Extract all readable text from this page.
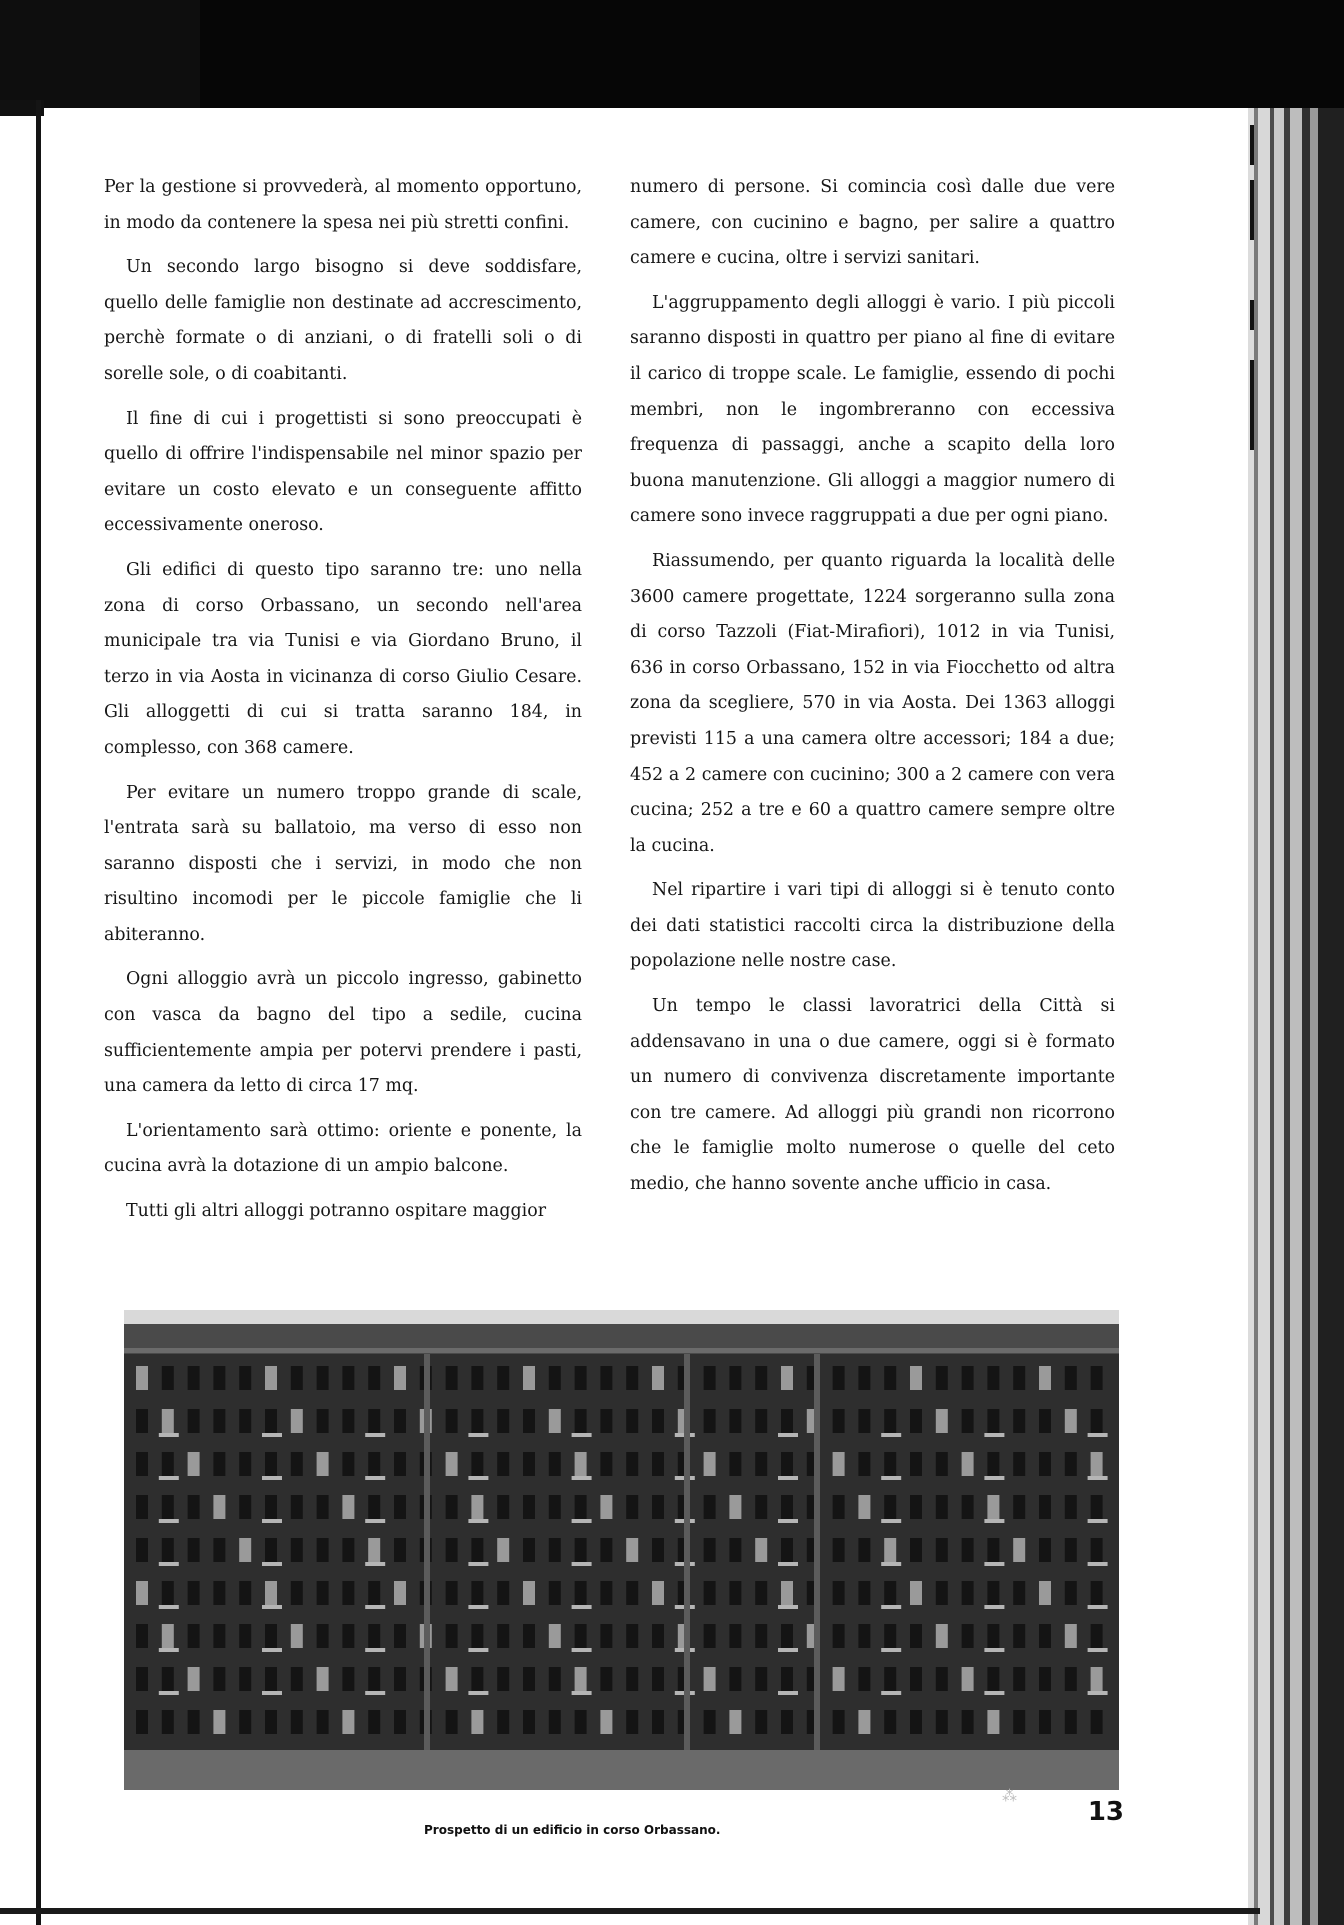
Per la gestione si provvederà, al momento opportuno, in modo da contenere la spesa nei più stretti confini.

Un secondo largo bisogno si deve soddisfare, quello delle famiglie non destinate ad accrescimento, perchè formate o di anziani, o di fratelli soli o di sorelle sole, o di coabitanti.

Il fine di cui i progettisti si sono preoccupati è quello di offrire l'indispensabile nel minor spazio per evitare un costo elevato e un conseguente affitto eccessivamente oneroso.

Gli edifici di questo tipo saranno tre: uno nella zona di corso Orbassano, un secondo nell'area municipale tra via Tunisi e via Giordano Bruno, il terzo in via Aosta in vicinanza di corso Giulio Cesare. Gli alloggetti di cui si tratta saranno 184, in complesso, con 368 camere.

Per evitare un numero troppo grande di scale, l'entrata sarà su ballatoio, ma verso di esso non saranno disposti che i servizi, in modo che non risultino incomodi per le piccole famiglie che li abiteranno.

Ogni alloggio avrà un piccolo ingresso, gabinetto con vasca da bagno del tipo a sedile, cucina sufficientemente ampia per potervi prendere i pasti, una camera da letto di circa 17 mq.

L'orientamento sarà ottimo: oriente e ponente, la cucina avrà la dotazione di un ampio balcone.

Tutti gli altri alloggi potranno ospitare maggior

numero di persone. Si comincia così dalle due vere camere, con cucinino e bagno, per salire a quattro camere e cucina, oltre i servizi sanitari.

L'aggruppamento degli alloggi è vario. I più piccoli saranno disposti in quattro per piano al fine di evitare il carico di troppe scale. Le famiglie, essendo di pochi membri, non le ingombreranno con eccessiva frequenza di passaggi, anche a scapito della loro buona manutenzione. Gli alloggi a maggior numero di camere sono invece raggruppati a due per ogni piano.

Riassumendo, per quanto riguarda la località delle 3600 camere progettate, 1224 sorgeranno sulla zona di corso Tazzoli (Fiat-Mirafiori), 1012 in via Tunisi, 636 in corso Orbassano, 152 in via Fiocchetto od altra zona da scegliere, 570 in via Aosta. Dei 1363 alloggi previsti 115 a una camera oltre accessori; 184 a due; 452 a 2 camere con cucinino; 300 a 2 camere con vera cucina; 252 a tre e 60 a quattro camere sempre oltre la cucina.

Nel ripartire i vari tipi di alloggi si è tenuto conto dei dati statistici raccolti circa la distribuzione della popolazione nelle nostre case.

Un tempo le classi lavoratrici della Città si addensavano in una o due camere, oggi si è formato un numero di convivenza discretamente importante con tre camere. Ad alloggi più grandi non ricorrono che le famiglie molto numerose o quelle del ceto medio, che hanno sovente anche ufficio in casa.

Prospetto di un edificio in corso Orbassano.
⁂
13
